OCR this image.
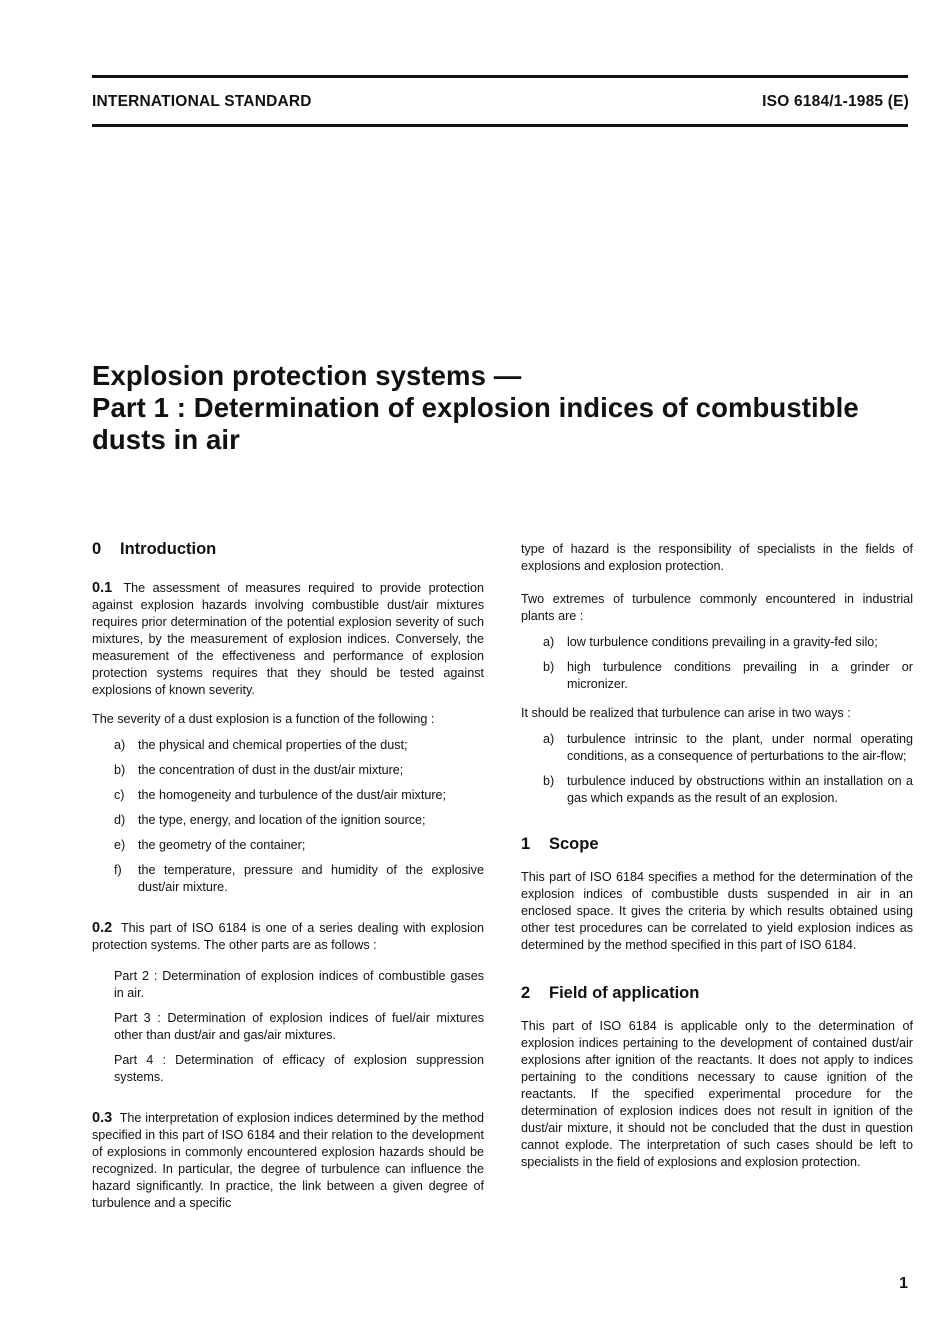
INTERNATIONAL STANDARD	ISO 6184/1-1985 (E)
Explosion protection systems —
Part 1 : Determination of explosion indices of combustible
dusts in air
0 Introduction

0.1 The assessment of measures required to provide protection against explosion hazards involving combustible dust/air mixtures requires prior determination of the potential explosion severity of such mixtures, by the measurement of explosion indices. Conversely, the measurement of the effectiveness and performance of explosion protection systems requires that they should be tested against explosions of known severity.

The severity of a dust explosion is a function of the following :

a)	the physical and chemical properties of the dust;
b)	the concentration of dust in the dust/air mixture;
c)	the homogeneity and turbulence of the dust/air mixture;
d)	the type, energy, and location of the ignition source;
e)	the geometry of the container;
f)	the temperature, pressure and humidity of the explosive dust/air mixture.

0.2 This part of ISO 6184 is one of a series dealing with explosion protection systems. The other parts are as follows :

Part 2 : Determination of explosion indices of combustible gases in air.
Part 3 : Determination of explosion indices of fuel/air mixtures other than dust/air and gas/air mixtures.
Part 4 : Determination of efficacy of explosion suppression systems.

0.3 The interpretation of explosion indices determined by the method specified in this part of ISO 6184 and their relation to the development of explosions in commonly encountered explosion hazards should be recognized. In particular, the degree of turbulence can influence the hazard significantly. In practice, the link between a given degree of turbulence and a specific

type of hazard is the responsibility of specialists in the fields of explosions and explosion protection.

Two extremes of turbulence commonly encountered in industrial plants are :

a)	low turbulence conditions prevailing in a gravity-fed silo;
b)	high turbulence conditions prevailing in a grinder or micronizer.

It should be realized that turbulence can arise in two ways :

a)	turbulence intrinsic to the plant, under normal operating conditions, as a consequence of perturbations to the air-flow;
b)	turbulence induced by obstructions within an installation on a gas which expands as the result of an explosion.
1 Scope

This part of ISO 6184 specifies a method for the determination of the explosion indices of combustible dusts suspended in air in an enclosed space. It gives the criteria by which results obtained using other test procedures can be correlated to yield explosion indices as determined by the method specified in this part of ISO 6184.

2 Field of application

This part of ISO 6184 is applicable only to the determination of explosion indices pertaining to the development of contained dust/air explosions after ignition of the reactants. It does not apply to indices pertaining to the conditions necessary to cause ignition of the reactants. If the specified experimental procedure for the determination of explosion indices does not result in ignition of the dust/air mixture, it should not be concluded that the dust in question cannot explode. The interpretation of such cases should be left to specialists in the field of explosions and explosion protection.

1
